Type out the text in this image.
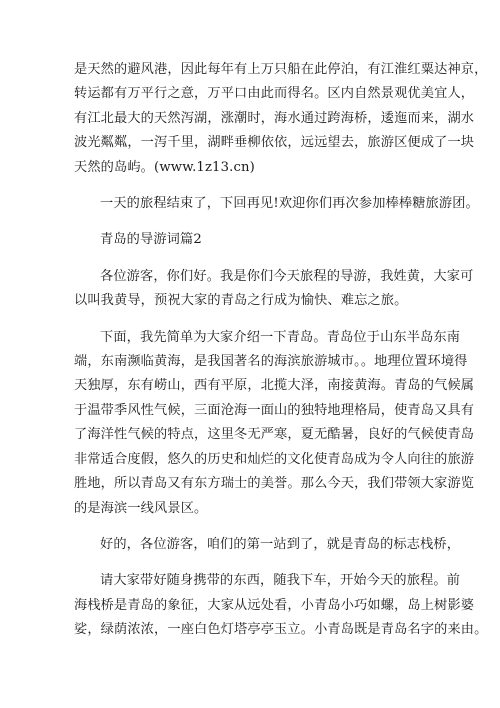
是天然的避风港，因此每年有上万只船在此停泊，有江淮红粟达神京，
转运都有万平行之意，万平口由此而得名。区内自然景观优美宜人，
有江北最大的天然泻湖，涨潮时，海水通过跨海桥，逶迤而来，湖水
波光粼粼，一泻千里，湖畔垂柳依依，远远望去，旅游区便成了一块
天然的岛屿。(www.1z13.cn)
一天的旅程结束了，下回再见!欢迎你们再次参加棒棒糖旅游团。
青岛的导游词篇2
各位游客，你们好。我是你们今天旅程的导游，我姓黄，大家可
以叫我黄导，预祝大家的青岛之行成为愉快、难忘之旅。
下面，我先简单为大家介绍一下青岛。青岛位于山东半岛东南
端，东南濒临黄海，是我国著名的海滨旅游城市。。地理位置环境得
天独厚，东有崂山，西有平原，北揽大泽，南接黄海。青岛的气候属
于温带季风性气候，三面沧海一面山的独特地理格局，使青岛又具有
了海洋性气候的特点，这里冬无严寒，夏无酷暑，良好的气候使青岛
非常适合度假，悠久的历史和灿烂的文化使青岛成为令人向往的旅游
胜地，所以青岛又有东方瑞士的美誉。那么今天，我们带领大家游览
的是海滨一线风景区。
好的，各位游客，咱们的第一站到了，就是青岛的标志栈桥，
请大家带好随身携带的东西，随我下车，开始今天的旅程。前
海栈桥是青岛的象征，大家从远处看，小青岛小巧如螺，岛上树影婆
娑，绿荫浓浓，一座白色灯塔亭亭玉立。小青岛既是青岛名字的来由。
